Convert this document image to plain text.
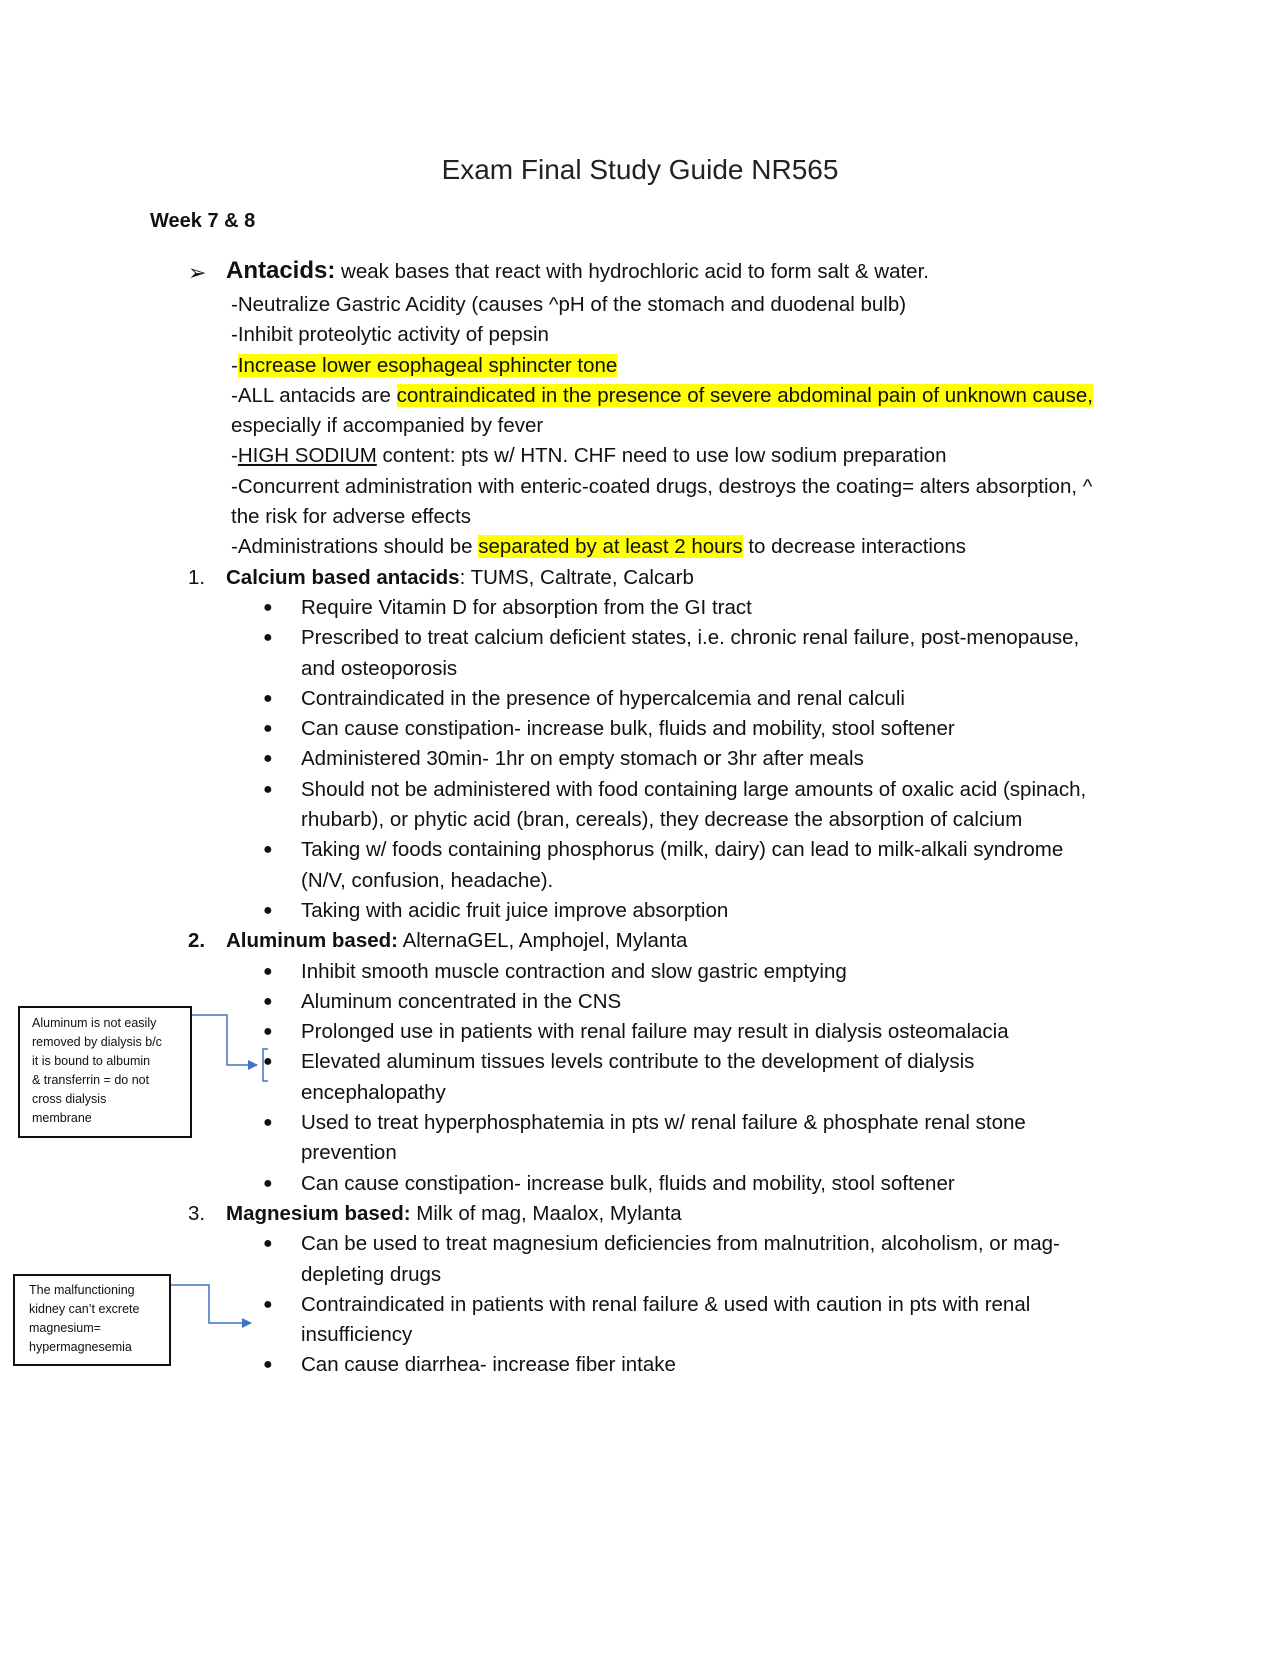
Exam Final Study Guide NR565
Week 7 & 8
➢ Antacids: weak bases that react with hydrochloric acid to form salt & water.
-Neutralize Gastric Acidity (causes ^pH of the stomach and duodenal bulb)
-Inhibit proteolytic activity of pepsin
-Increase lower esophageal sphincter tone
-ALL antacids are contraindicated in the presence of severe abdominal pain of unknown cause,
especially if accompanied by fever
-HIGH SODIUM content: pts w/ HTN. CHF need to use low sodium preparation
-Concurrent administration with enteric-coated drugs, destroys the coating= alters absorption, ^
the risk for adverse effects
-Administrations should be separated by at least 2 hours to decrease interactions
1. Calcium based antacids: TUMS, Caltrate, Calcarb
● Require Vitamin D for absorption from the GI tract
● Prescribed to treat calcium deficient states, i.e. chronic renal failure, post-menopause,
and osteoporosis
● Contraindicated in the presence of hypercalcemia and renal calculi
● Can cause constipation- increase bulk, fluids and mobility, stool softener
● Administered 30min- 1hr on empty stomach or 3hr after meals
● Should not be administered with food containing large amounts of oxalic acid (spinach,
rhubarb), or phytic acid (bran, cereals), they decrease the absorption of calcium
● Taking w/ foods containing phosphorus (milk, dairy) can lead to milk-alkali syndrome
(N/V, confusion, headache).
● Taking with acidic fruit juice improve absorption
2. Aluminum based: AlternaGEL, Amphojel, Mylanta
● Inhibit smooth muscle contraction and slow gastric emptying
● Aluminum concentrated in the CNS
● Prolonged use in patients with renal failure may result in dialysis osteomalacia
● Elevated aluminum tissues levels contribute to the development of dialysis
encephalopathy
● Used to treat hyperphosphatemia in pts w/ renal failure & phosphate renal stone
prevention
● Can cause constipation- increase bulk, fluids and mobility, stool softener
3. Magnesium based: Milk of mag, Maalox, Mylanta
● Can be used to treat magnesium deficiencies from malnutrition, alcoholism, or mag-
depleting drugs
● Contraindicated in patients with renal failure & used with caution in pts with renal
insufficiency
● Can cause diarrhea- increase fiber intake
Aluminum is not easily
removed by dialysis b/c
it is bound to albumin
& transferrin = do not
cross dialysis
membrane
The malfunctioning
kidney can’t excrete
magnesium=
hypermagnesemia
